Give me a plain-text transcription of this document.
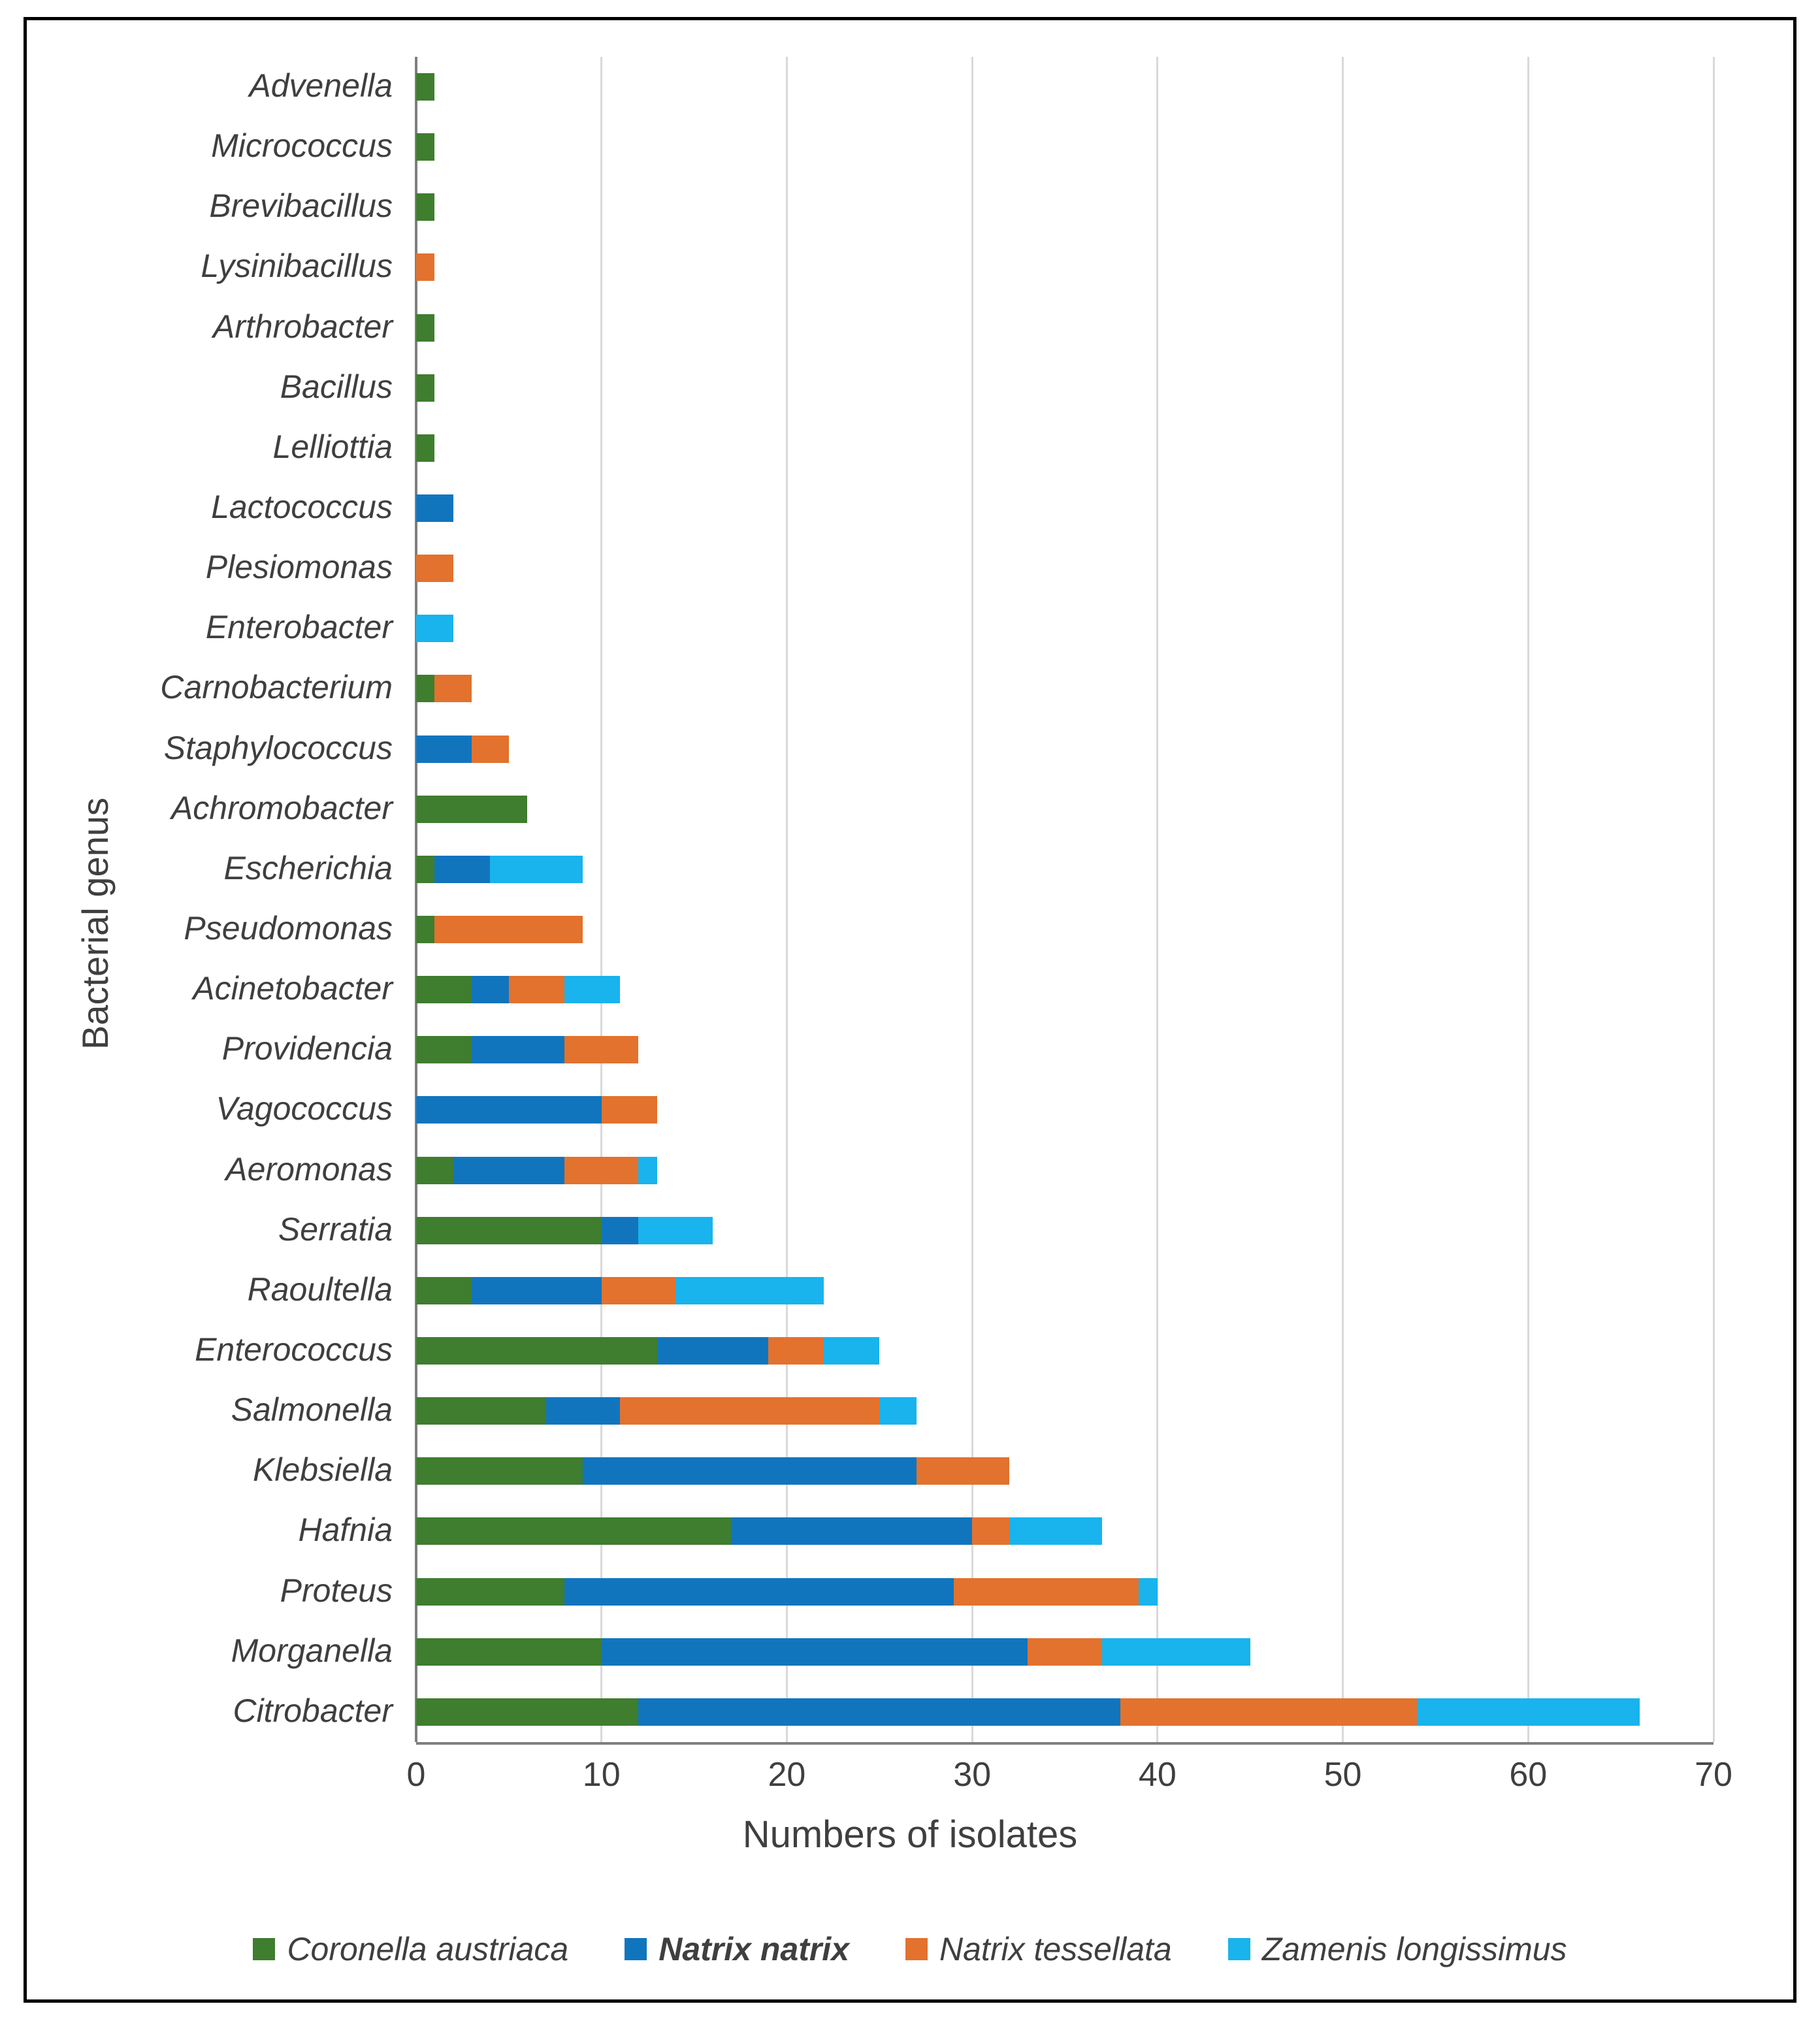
Bacterial genus
Advenella
Micrococcus
Brevibacillus
Lysinibacillus
Arthrobacter
Bacillus
Lelliottia
Lactococcus
Plesiomonas
Enterobacter
Carnobacterium
Staphylococcus
Achromobacter
Escherichia
Pseudomonas
Acinetobacter
Providencia
Vagococcus
Aeromonas
Serratia
Raoultella
Enterococcus
Salmonella
Klebsiella
Hafnia
Proteus
Morganella
Citrobacter
0	10	20	30	40	50	60	70
Numbers of isolates
Coronella austriaca	Natrix natrix	Natrix tessellata	Zamenis longissimus
